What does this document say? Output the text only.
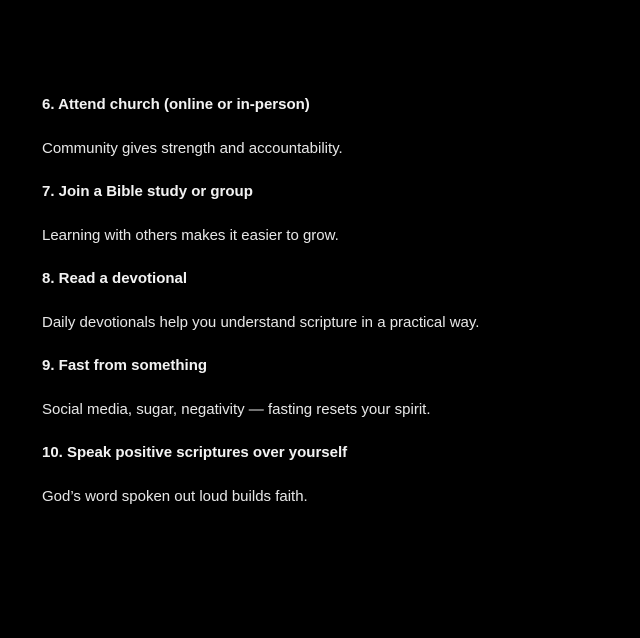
6. Attend church (online or in-person)
Community gives strength and accountability.
7. Join a Bible study or group
Learning with others makes it easier to grow.
8. Read a devotional
Daily devotionals help you understand scripture in a practical way.
9. Fast from something
Social media, sugar, negativity — fasting resets your spirit.
10. Speak positive scriptures over yourself
God’s word spoken out loud builds faith.
